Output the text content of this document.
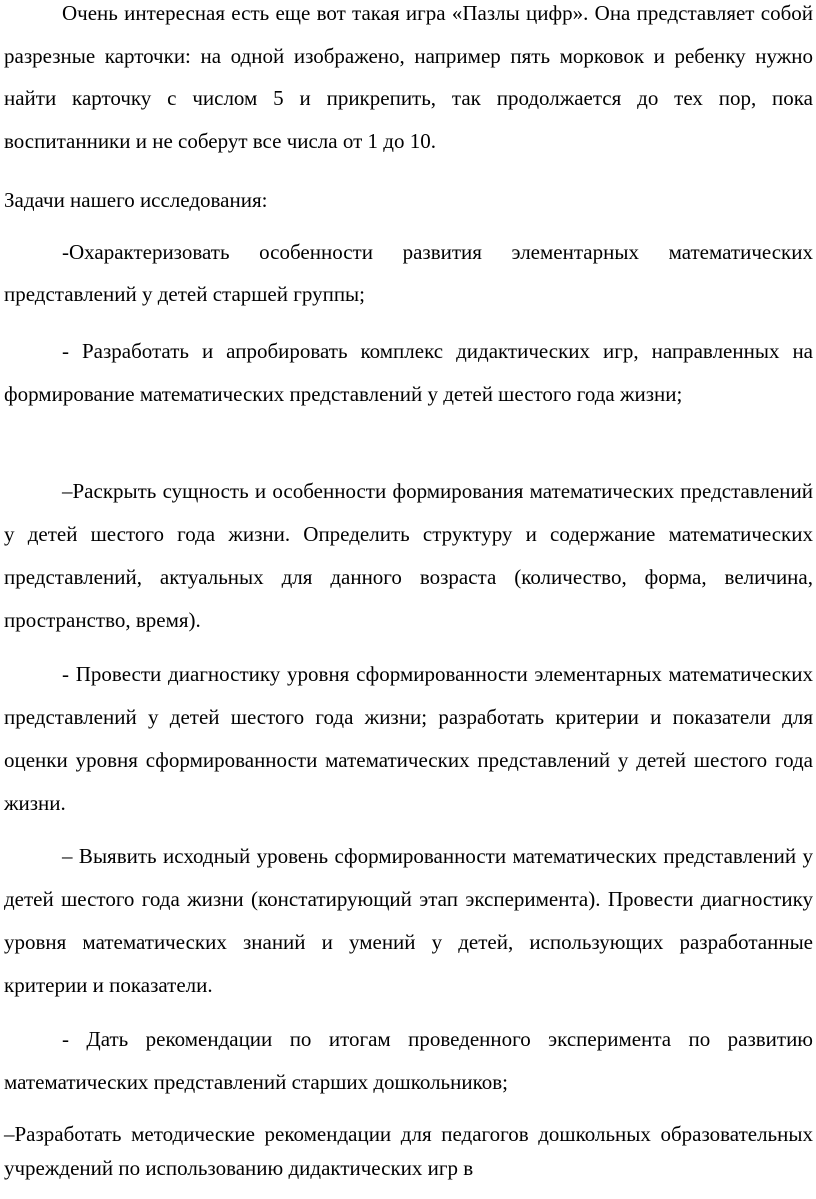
Очень интересная есть еще вот такая игра «Пазлы цифр». Она представляет собой разрезные карточки: на одной изображено, например пять морковок и ребенку нужно найти карточку с числом 5 и прикрепить, так продолжается до тех пор, пока воспитанники и не соберут все числа от 1 до 10.

Задачи нашего исследования:

-Охарактеризовать особенности развития элементарных математических представлений у детей старшей группы;

- Разработать и апробировать комплекс дидактических игр, направленных на формирование математических представлений у детей шестого года жизни;

–Раскрыть сущность и особенности формирования математических представлений у детей шестого года жизни. Определить структуру и содержание математических представлений, актуальных для данного возраста (количество, форма, величина, пространство, время).

- Провести диагностику уровня сформированности элементарных математических представлений у детей шестого года жизни; разработать критерии и показатели для оценки уровня сформированности математических представлений у детей шестого года жизни.

– Выявить исходный уровень сформированности математических представлений у детей шестого года жизни (констатирующий этап эксперимента). Провести диагностику уровня математических знаний и умений у детей, использующих разработанные критерии и показатели.

- Дать рекомендации по итогам проведенного эксперимента по развитию математических представлений старших дошкольников;

–Разработать методические рекомендации для педагогов дошкольных образовательных учреждений по использованию дидактических игр в
